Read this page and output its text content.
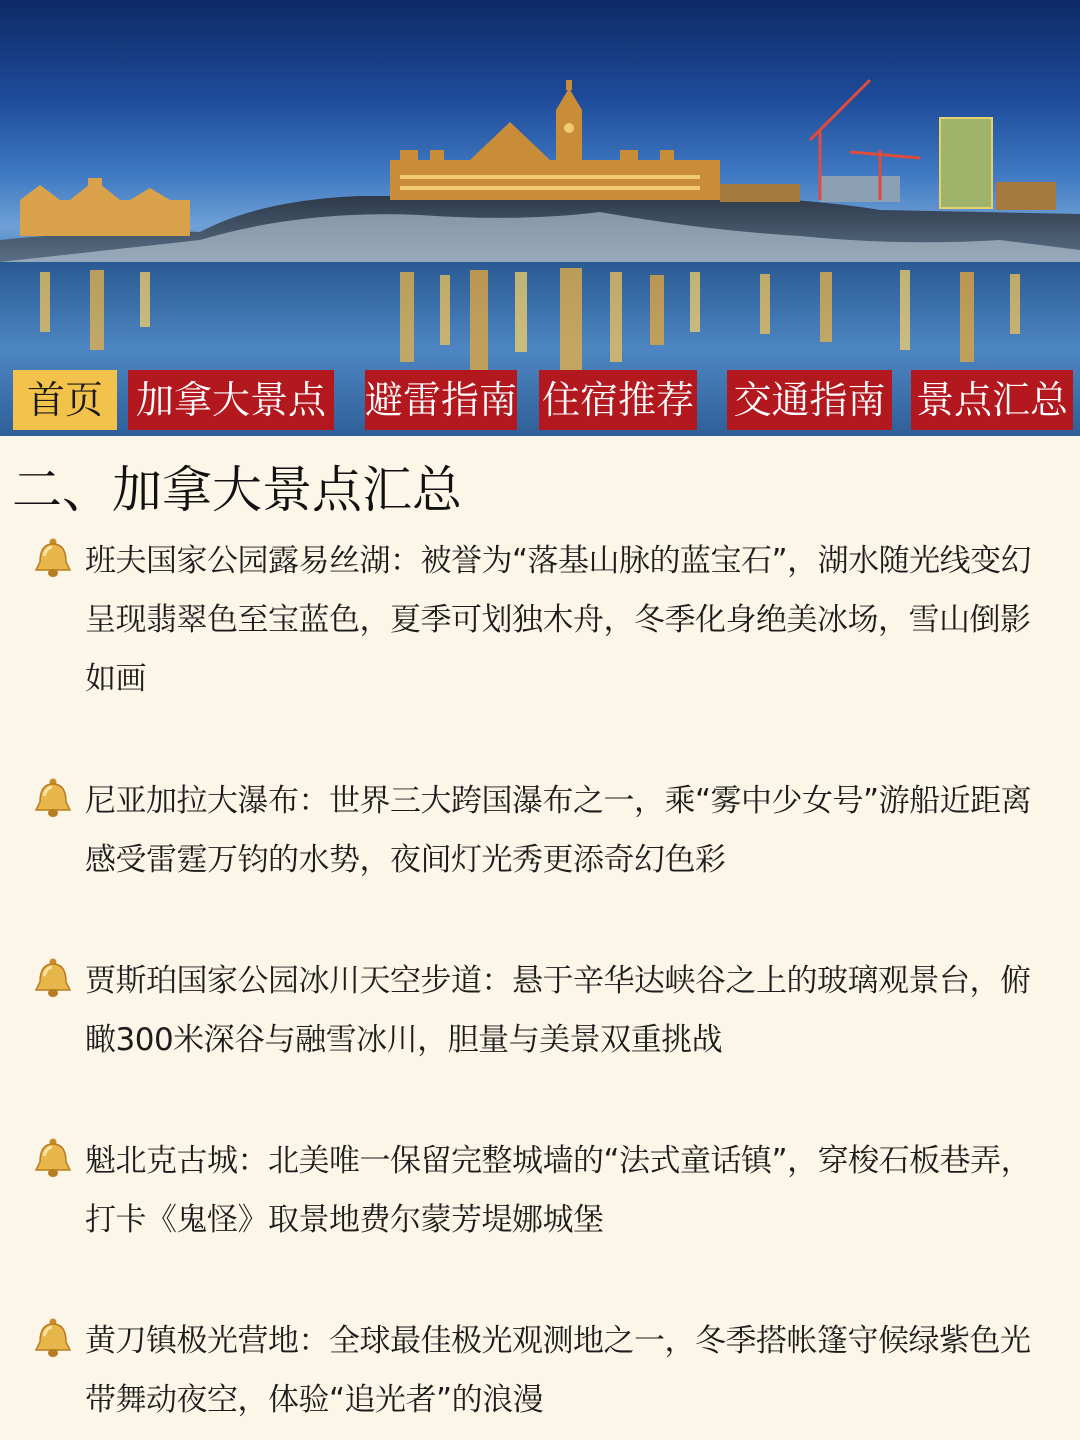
首页 加拿大景点 避雷指南 住宿推荐 交通指南 景点汇总
二、加拿大景点汇总
班夫国家公园露易丝湖：被誉为“落基山脉的蓝宝石”，湖水随光线变幻呈现翡翠色至宝蓝色，夏季可划独木舟，冬季化身绝美冰场，雪山倒影如画
尼亚加拉大瀑布：世界三大跨国瀑布之一，乘“雾中少女号”游船近距离感受雷霆万钧的水势，夜间灯光秀更添奇幻色彩
贾斯珀国家公园冰川天空步道：悬于辛华达峡谷之上的玻璃观景台，俯瞰300米深谷与融雪冰川，胆量与美景双重挑战
魁北克古城：北美唯一保留完整城墙的“法式童话镇”，穿梭石板巷弄，打卡《鬼怪》取景地费尔蒙芳堤娜城堡
黄刀镇极光营地：全球最佳极光观测地之一，冬季搭帐篷守候绿紫色光带舞动夜空，体验“追光者”的浪漫
